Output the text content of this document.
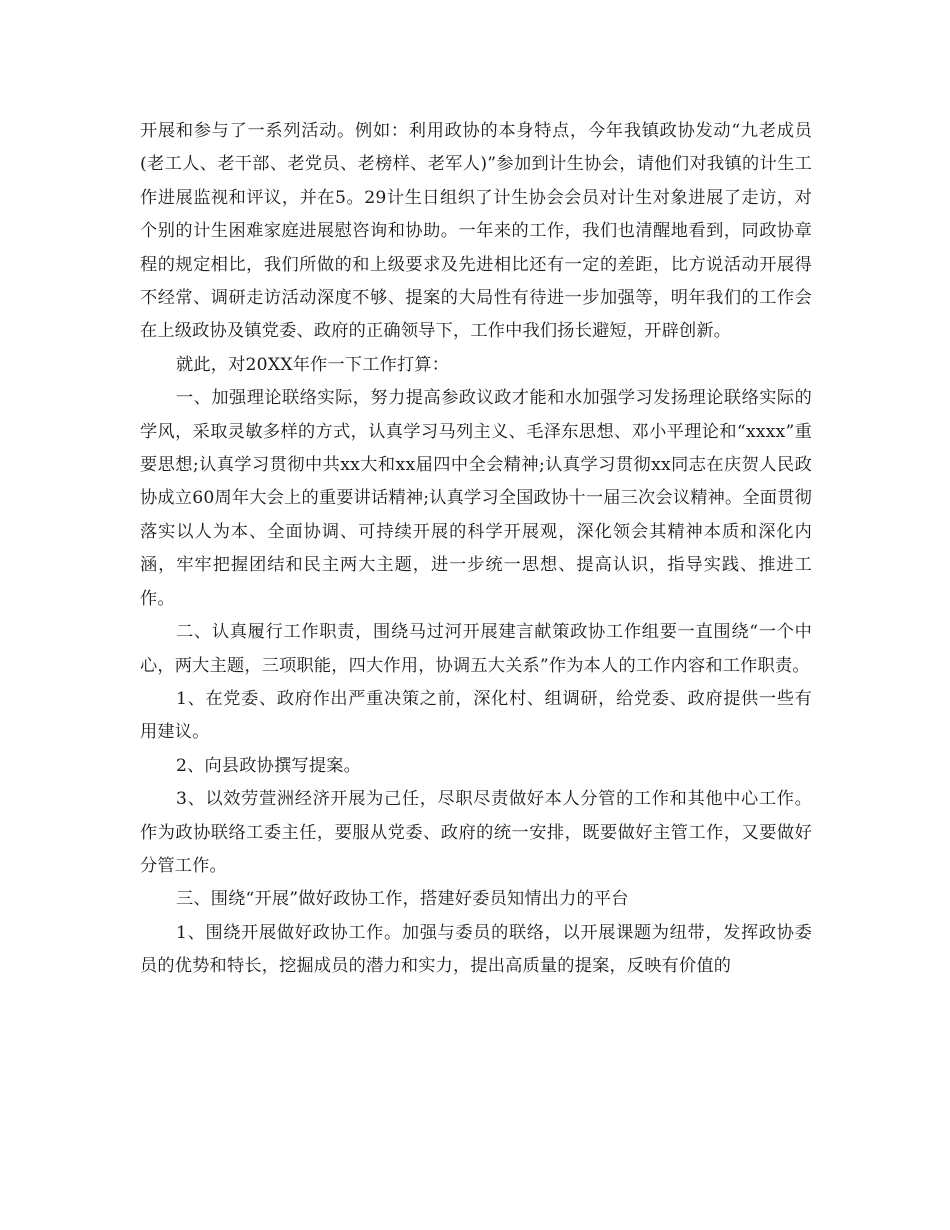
开展和参与了一系列活动。例如：利用政协的本身特点，今年我镇政协发动“九老成员(老工人、老干部、老党员、老榜样、老军人)”参加到计生协会，请他们对我镇的计生工作进展监视和评议，并在5。29计生日组织了计生协会会员对计生对象进展了走访，对个别的计生困难家庭进展慰咨询和协助。一年来的工作，我们也清醒地看到，同政协章程的规定相比，我们所做的和上级要求及先进相比还有一定的差距，比方说活动开展得不经常、调研走访活动深度不够、提案的大局性有待进一步加强等，明年我们的工作会在上级政协及镇党委、政府的正确领导下，工作中我们扬长避短，开辟创新。

就此，对20XX年作一下工作打算：

一、加强理论联络实际，努力提高参政议政才能和水加强学习发扬理论联络实际的学风，采取灵敏多样的方式，认真学习马列主义、毛泽东思想、邓小平理论和“xxxx”重要思想;认真学习贯彻中共xx大和xx届四中全会精神;认真学习贯彻xx同志在庆贺人民政协成立60周年大会上的重要讲话精神;认真学习全国政协十一届三次会议精神。全面贯彻落实以人为本、全面协调、可持续开展的科学开展观，深化领会其精神本质和深化内涵，牢牢把握团结和民主两大主题，进一步统一思想、提高认识，指导实践、推进工作。

二、认真履行工作职责，围绕马过河开展建言献策政协工作组要一直围绕“一个中心，两大主题，三项职能，四大作用，协调五大关系”作为本人的工作内容和工作职责。

1、在党委、政府作出严重决策之前，深化村、组调研，给党委、政府提供一些有用建议。

2、向县政协撰写提案。

3、以效劳萱洲经济开展为己任，尽职尽责做好本人分管的工作和其他中心工作。作为政协联络工委主任，要服从党委、政府的统一安排，既要做好主管工作，又要做好分管工作。

三、围绕“开展”做好政协工作，搭建好委员知情出力的平台

1、围绕开展做好政协工作。加强与委员的联络，以开展课题为纽带，发挥政协委员的优势和特长，挖掘成员的潜力和实力，提出高质量的提案，反映有价值的
